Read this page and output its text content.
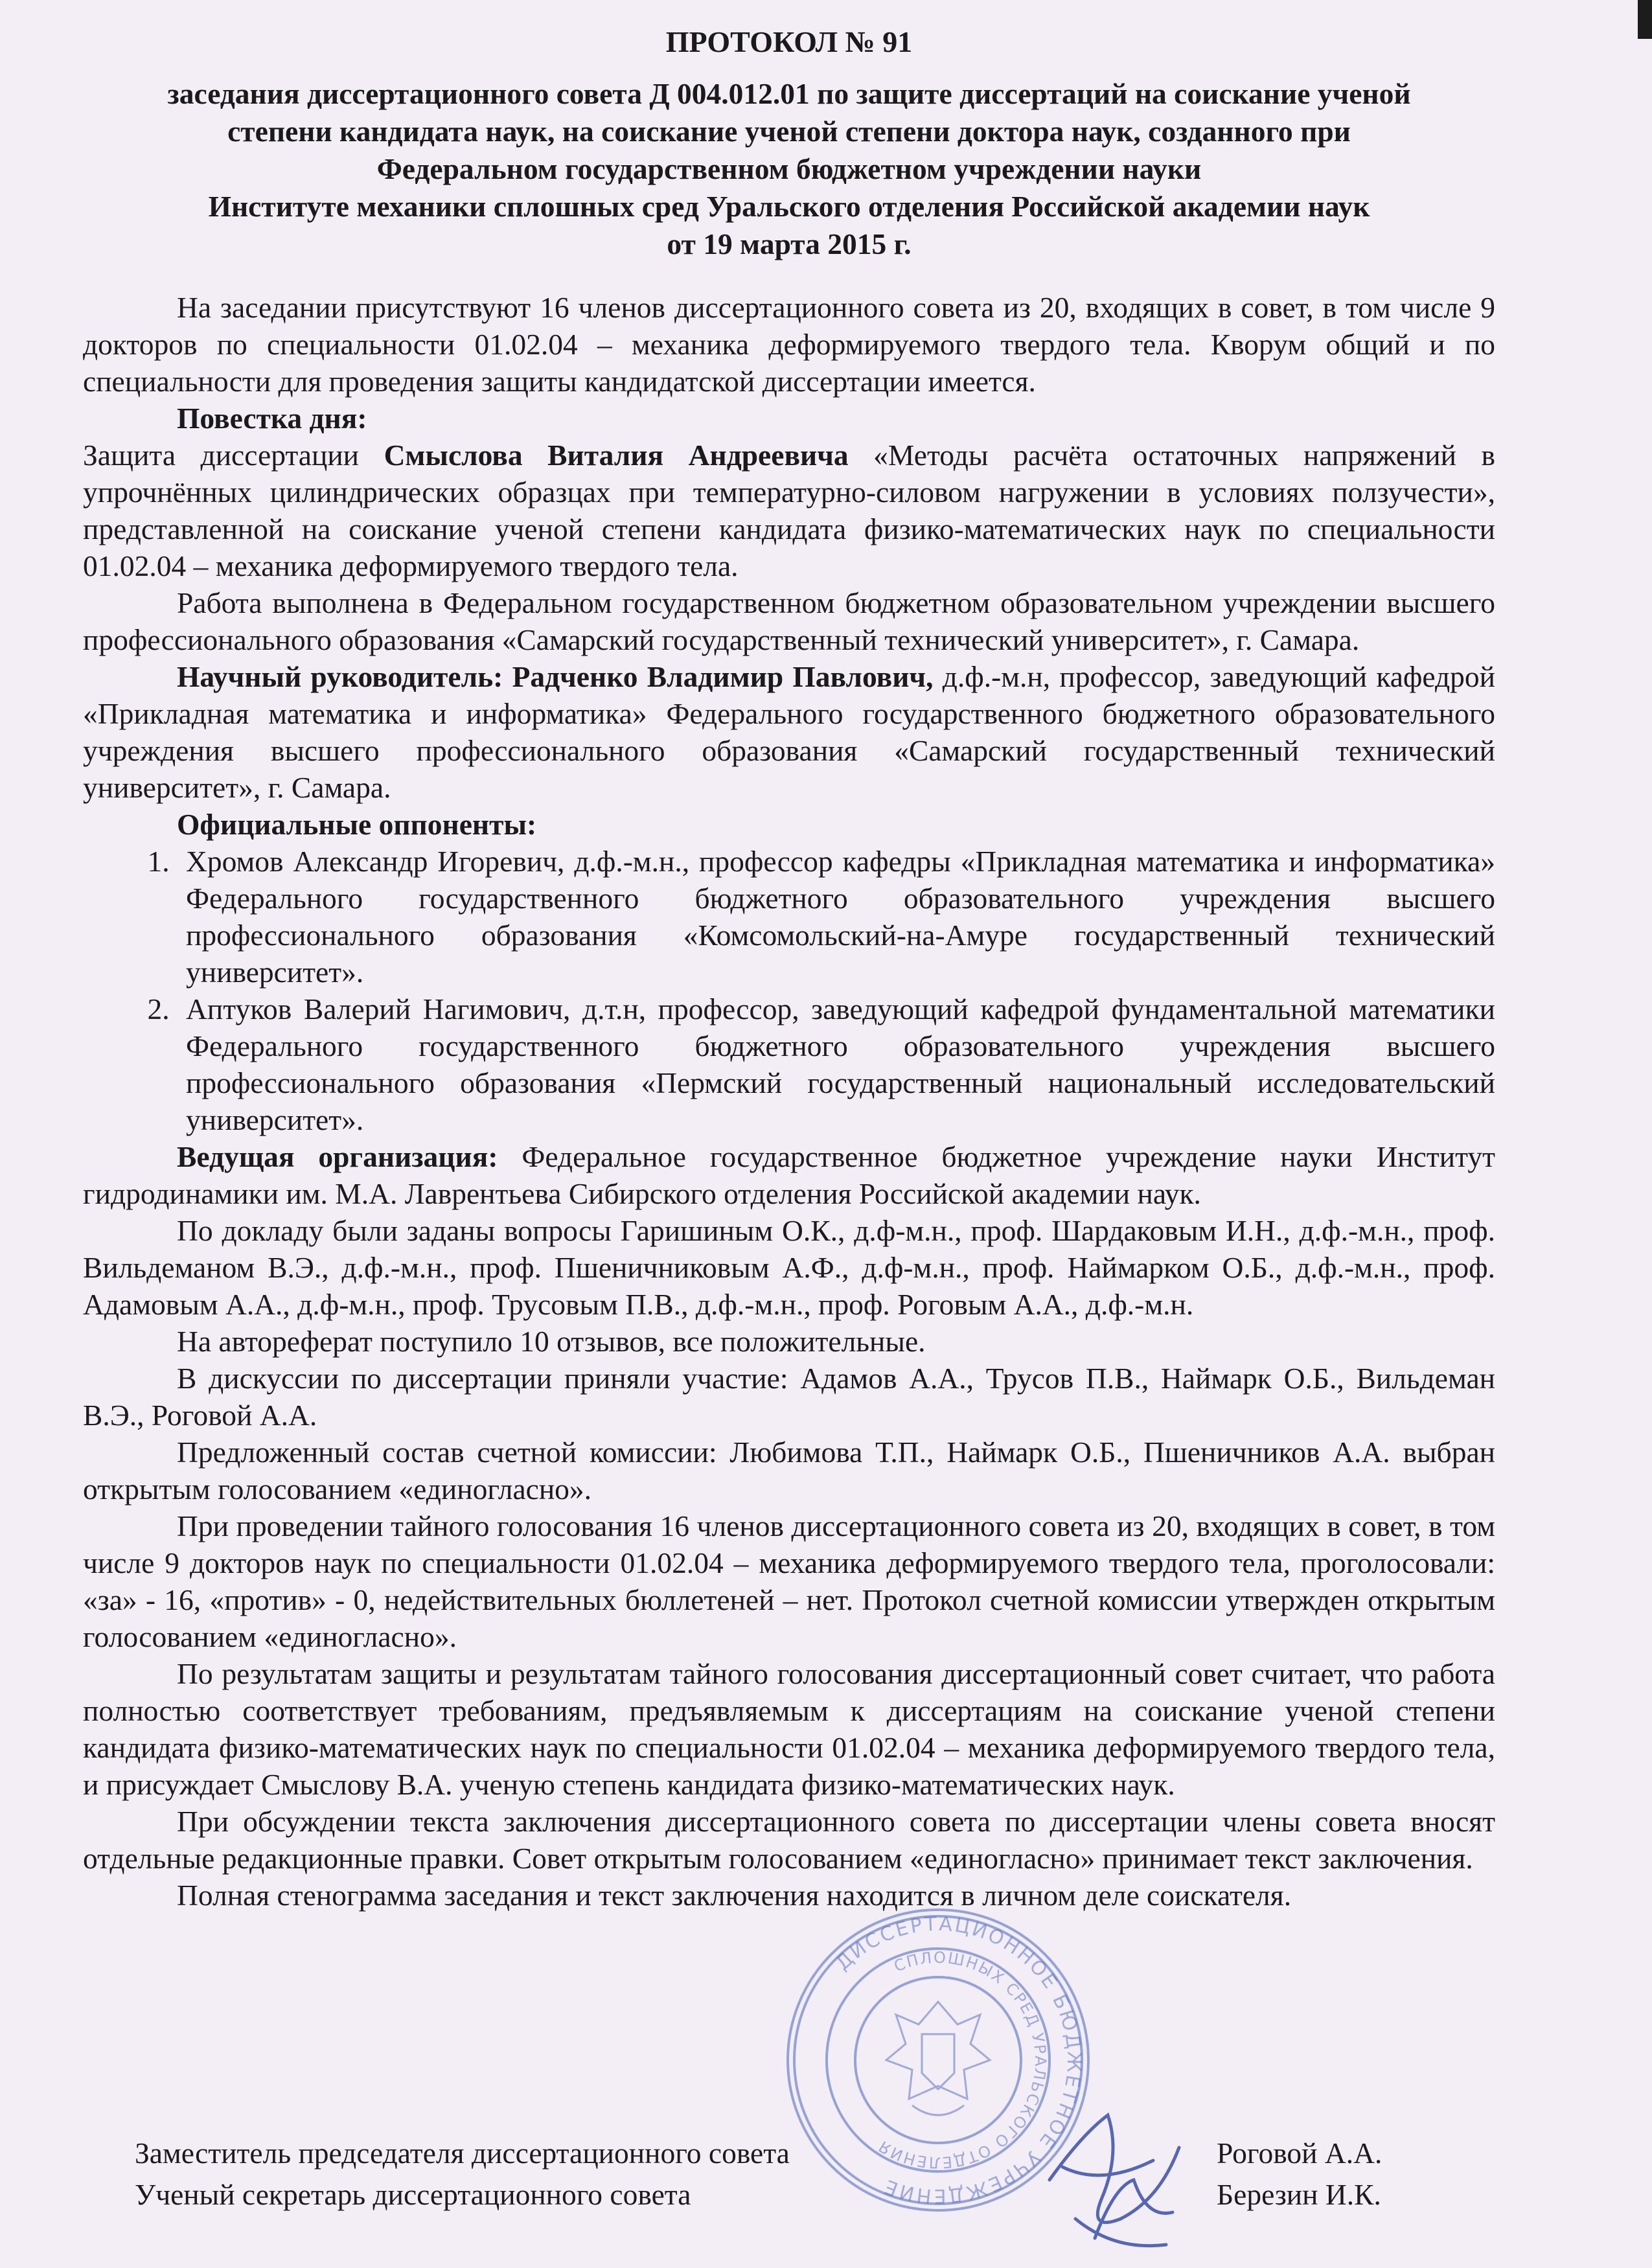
ПРОТОКОЛ № 91
заседания диссертационного совета Д 004.012.01 по защите диссертаций на соискание ученой
степени кандидата наук, на соискание ученой степени доктора наук, созданного при
Федеральном государственном бюджетном учреждении науки
Институте механики сплошных сред Уральского отделения Российской академии наук
от 19 марта 2015 г.

На заседании присутствуют 16 членов диссертационного совета из 20, входящих в совет, в том числе 9 докторов по специальности 01.02.04 – механика деформируемого твердого тела. Кворум общий и по специальности для проведения защиты кандидатской диссертации имеется.

Повестка дня:

Защита диссертации Смыслова Виталия Андреевича «Методы расчёта остаточных напряжений в упрочнённых цилиндрических образцах при температурно-силовом нагружении в условиях ползучести», представленной на соискание ученой степени кандидата физико-математических наук по специальности 01.02.04 – механика деформируемого твердого тела.

Работа выполнена в Федеральном государственном бюджетном образовательном учреждении высшего профессионального образования «Самарский государственный технический университет», г. Самара.

Научный руководитель: Радченко Владимир Павлович, д.ф.-м.н, профессор, заведующий кафедрой «Прикладная математика и информатика» Федерального государственного бюджетного образовательного учреждения высшего профессионального образования «Самарский государственный технический университет», г. Самара.

Официальные оппоненты:

1. Хромов Александр Игоревич, д.ф.-м.н., профессор кафедры «Прикладная математика и информатика» Федерального государственного бюджетного образовательного учреждения высшего профессионального образования «Комсомольский-на-Амуре государственный технический университет».
2. Аптуков Валерий Нагимович, д.т.н, профессор, заведующий кафедрой фундаментальной математики Федерального государственного бюджетного образовательного учреждения высшего профессионального образования «Пермский государственный национальный исследовательский университет».

Ведущая организация: Федеральное государственное бюджетное учреждение науки Институт гидродинамики им. М.А. Лаврентьева Сибирского отделения Российской академии наук.

По докладу были заданы вопросы Гаришиным О.К., д.ф-м.н., проф. Шардаковым И.Н., д.ф.-м.н., проф. Вильдеманом В.Э., д.ф.-м.н., проф. Пшеничниковым А.Ф., д.ф-м.н., проф. Наймарком О.Б., д.ф.-м.н., проф. Адамовым А.А., д.ф-м.н., проф. Трусовым П.В., д.ф.-м.н., проф. Роговым А.А., д.ф.-м.н.

На автореферат поступило 10 отзывов, все положительные.

В дискуссии по диссертации приняли участие: Адамов А.А., Трусов П.В., Наймарк О.Б., Вильдеман В.Э., Роговой А.А.

Предложенный состав счетной комиссии: Любимова Т.П., Наймарк О.Б., Пшеничников А.А. выбран открытым голосованием «единогласно».

При проведении тайного голосования 16 членов диссертационного совета из 20, входящих в совет, в том числе 9 докторов наук по специальности 01.02.04 – механика деформируемого твердого тела, проголосовали: «за» - 16, «против» - 0, недействительных бюллетеней – нет. Протокол счетной комиссии утвержден открытым голосованием «единогласно».

По результатам защиты и результатам тайного голосования диссертационный совет считает, что работа полностью соответствует требованиям, предъявляемым к диссертациям на соискание ученой степени кандидата физико-математических наук по специальности 01.02.04 – механика деформируемого твердого тела, и присуждает Смыслову В.А. ученую степень кандидата физико-математических наук.

При обсуждении текста заключения диссертационного совета по диссертации члены совета вносят отдельные редакционные правки. Совет открытым голосованием «единогласно» принимает текст заключения.

Полная стенограмма заседания и текст заключения находится в личном деле соискателя.

ДИССЕРТАЦИОННОЕ БЮДЖЕТНОЕ УЧРЕЖДЕНИЕ
СПЛОШНЫХ СРЕД УРАЛЬСКОГО ОТДЕЛЕНИЯ
Заместитель председателя диссертационного совета	Роговой А.А.
Ученый секретарь диссертационного совета	Березин И.К.
